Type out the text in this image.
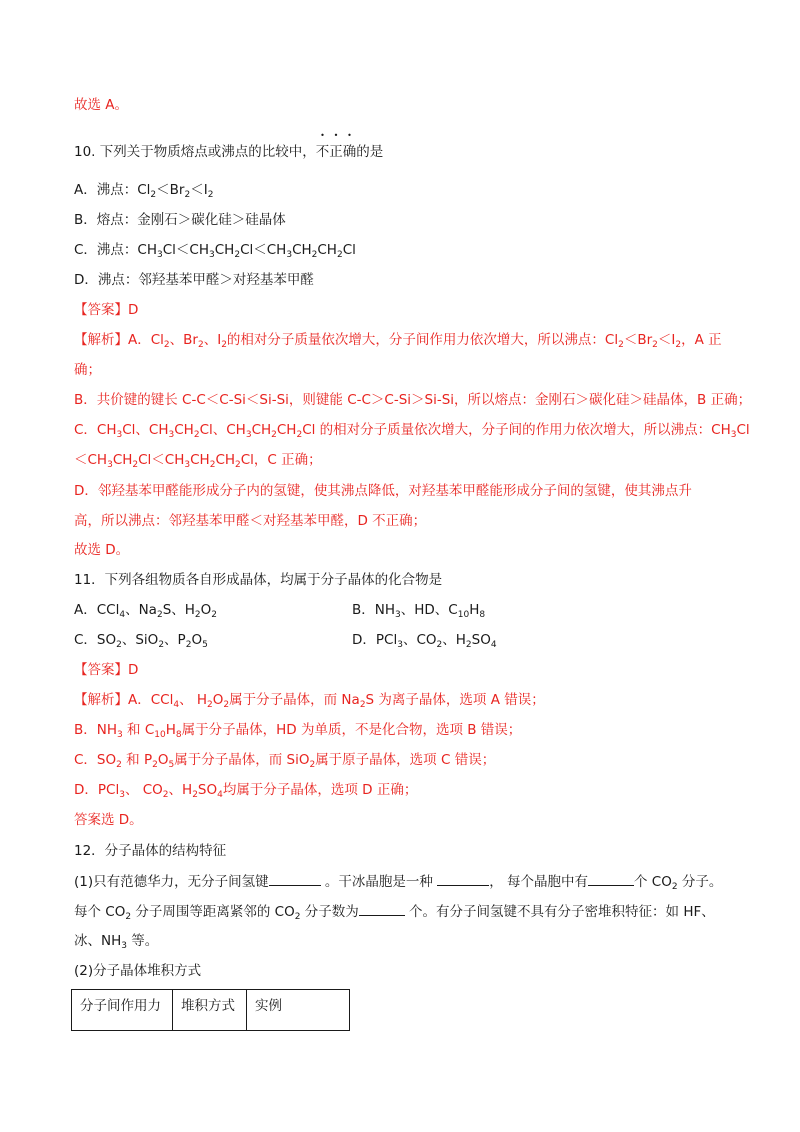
故选 A。
10. 下列关于物质熔点或沸点的比较中，不正确的是
A．沸点：$Cl_2<Br_2<I_2$
B．熔点：金刚石＞碳化硅＞硅晶体
C．沸点：$CH_3Cl<CH_3CH_2Cl<CH_3CH_2CH_2Cl$
D．沸点：邻羟基苯甲醛＞对羟基苯甲醛
【答案】D
【解析】A．$Cl_2$、$Br_2$、$I_2$的相对分子质量依次增大，分子间作用力依次增大，所以沸点：$Cl_2<Br_2<I_2$，A 正
确；
B．共价键的键长 C-C＜C-Si＜Si-Si，则键能 C-C＞C-Si＞Si-Si，所以熔点：金刚石＞碳化硅＞硅晶体，B 正确；
C．$CH_3Cl$、$CH_3CH_2Cl$、$CH_3CH_2CH_2Cl$ 的相对分子质量依次增大，分子间的作用力依次增大，所以沸点：$CH_3Cl$
$<CH_3CH_2Cl<CH_3CH_2CH_2Cl$，C 正确；
D．邻羟基苯甲醛能形成分子内的氢键，使其沸点降低，对羟基苯甲醛能形成分子间的氢键，使其沸点升
高，所以沸点：邻羟基苯甲醛＜对羟基苯甲醛，D 不正确；
故选 D。
11．下列各组物质各自形成晶体，均属于分子晶体的化合物是
A．CCl$_4$、$Na_2S$、$H_2O_2$	B．$NH_3$、HD、$C_{10}H_8$
C．$SO_2$、SiO$_2$、$P_2O_5$	D．PCl$_3$、$CO_2$、$H_2SO_4$
【答案】D
【解析】A．CCl$_4$、 $H_2O_2$属于分子晶体，而 $Na_2S$ 为离子晶体，选项 A 错误；
B．$NH_3$ 和 $C_{10}H_8$属于分子晶体，HD 为单质，不是化合物，选项 B 错误；
C．$SO_2$ 和 $P_2O_5$属于分子晶体，而 SiO$_2$属于原子晶体，选项 C 错误；
D．PCl$_3$、 $CO_2$、$H_2SO_4$均属于分子晶体，选项 D 正确；
答案选 D。
12．分子晶体的结构特征
(1)只有范德华力，无分子间氢键	。干冰晶胞是一种	， 每个晶胞中有	个 $CO_2$ 分子。
每个 $CO_2$ 分子周围等距离紧邻的 $CO_2$ 分子数为	个。有分子间氢键不具有分子密堆积特征：如 HF、
冰、$NH_3$ 等。
(2)分子晶体堆积方式
分子间作用力	堆积方式	实例
